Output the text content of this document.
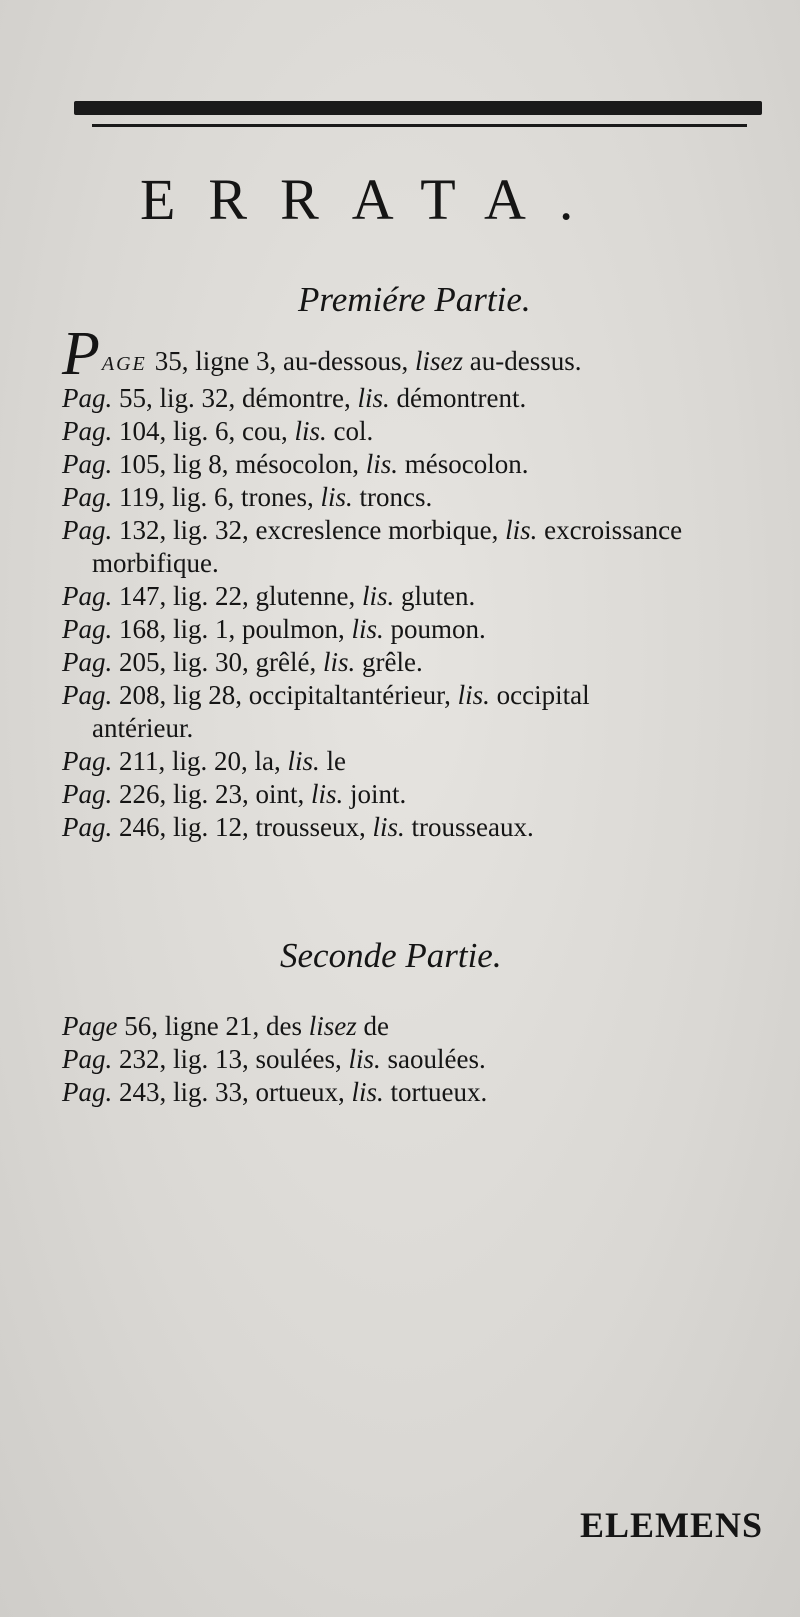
ERRATA.
Premiére Partie.
PAGE 35, ligne 3, au-dessous, lisez au-dessus.
Pag. 55, lig. 32, démontre, lis. démontrent.
Pag. 104, lig. 6, cou, lis. col.
Pag. 105, lig 8, mésocolon, lis. mésocolon.
Pag. 119, lig. 6, trones, lis. troncs.
Pag. 132, lig. 32, excreslence morbique, lis. excroissance
morbifique.
Pag. 147, lig. 22, glutenne, lis. gluten.
Pag. 168, lig. 1, poulmon, lis. poumon.
Pag. 205, lig. 30, grêlé, lis. grêle.
Pag. 208, lig 28, occipitaltantérieur, lis. occipital
antérieur.
Pag. 211, lig. 20, la, lis. le
Pag. 226, lig. 23, oint, lis. joint.
Pag. 246, lig. 12, trousseux, lis. trousseaux.
Seconde Partie.
Page 56, ligne 21, des lisez de
Pag. 232, lig. 13, soulées, lis. saoulées.
Pag. 243, lig. 33, ortueux, lis. tortueux.
ELEMENS
